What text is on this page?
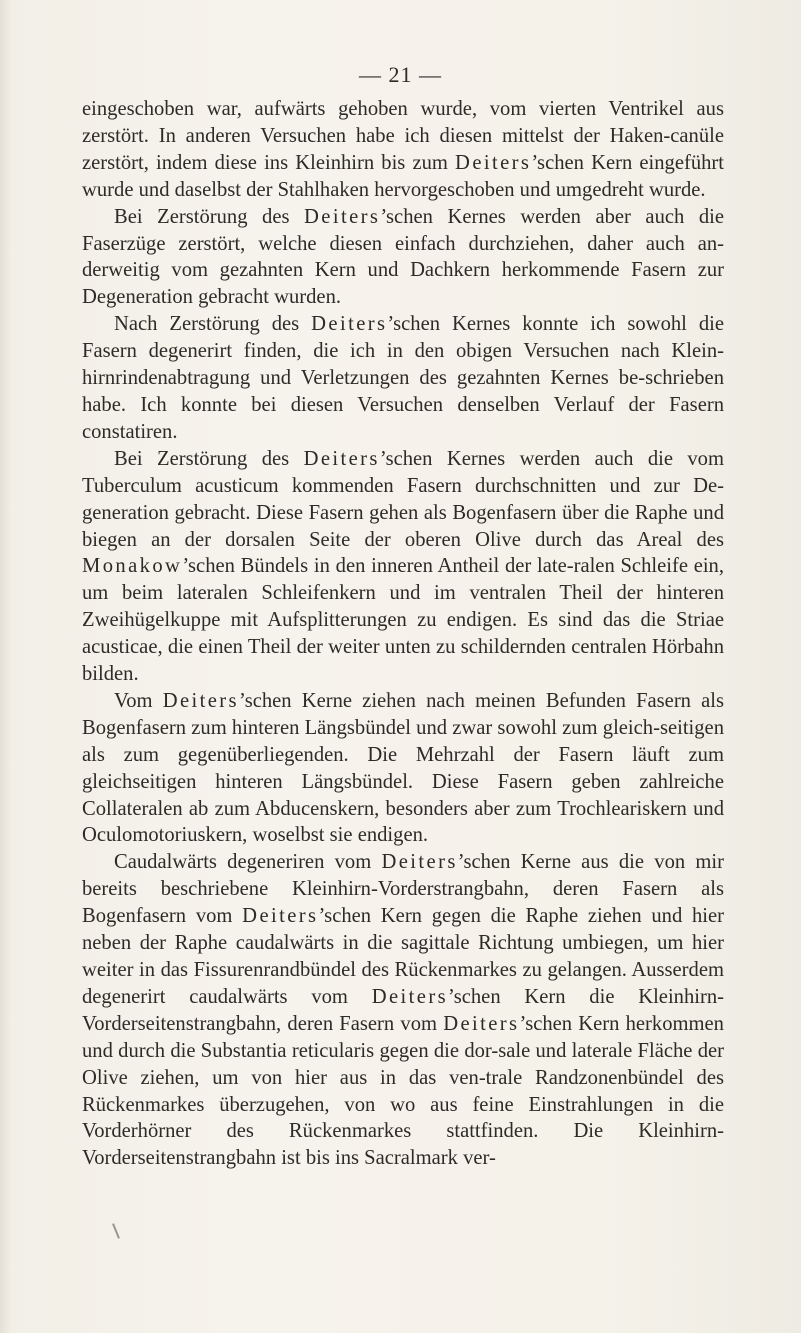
— 21 —

eingeschoben war, aufwärts gehoben wurde, vom vierten Ventrikel aus zerstört. In anderen Versuchen habe ich diesen mittelst der Haken-canüle zerstört, indem diese ins Kleinhirn bis zum Deiters’schen Kern eingeführt wurde und daselbst der Stahlhaken hervorgeschoben und umgedreht wurde.

Bei Zerstörung des Deiters’schen Kernes werden aber auch die Faserzüge zerstört, welche diesen einfach durchziehen, daher auch an-derweitig vom gezahnten Kern und Dachkern herkommende Fasern zur Degeneration gebracht wurden.

Nach Zerstörung des Deiters’schen Kernes konnte ich sowohl die Fasern degenerirt finden, die ich in den obigen Versuchen nach Klein-hirnrindenabtragung und Verletzungen des gezahnten Kernes be-schrieben habe. Ich konnte bei diesen Versuchen denselben Verlauf der Fasern constatiren.

Bei Zerstörung des Deiters’schen Kernes werden auch die vom Tuberculum acusticum kommenden Fasern durchschnitten und zur De-generation gebracht. Diese Fasern gehen als Bogenfasern über die Raphe und biegen an der dorsalen Seite der oberen Olive durch das Areal des Monakow’schen Bündels in den inneren Antheil der late-ralen Schleife ein, um beim lateralen Schleifenkern und im ventralen Theil der hinteren Zweihügelkuppe mit Aufsplitterungen zu endigen. Es sind das die Striae acusticae, die einen Theil der weiter unten zu schildernden centralen Hörbahn bilden.

Vom Deiters’schen Kerne ziehen nach meinen Befunden Fasern als Bogenfasern zum hinteren Längsbündel und zwar sowohl zum gleich-seitigen als zum gegenüberliegenden. Die Mehrzahl der Fasern läuft zum gleichseitigen hinteren Längsbündel. Diese Fasern geben zahlreiche Collateralen ab zum Abducenskern, besonders aber zum Trochleariskern und Oculomotoriuskern, woselbst sie endigen.

Caudalwärts degeneriren vom Deiters’schen Kerne aus die von mir bereits beschriebene Kleinhirn-Vorderstrangbahn, deren Fasern als Bogenfasern vom Deiters’schen Kern gegen die Raphe ziehen und hier neben der Raphe caudalwärts in die sagittale Richtung umbiegen, um hier weiter in das Fissurenrandbündel des Rückenmarkes zu gelangen. Ausserdem degenerirt caudalwärts vom Deiters’schen Kern die Kleinhirn-Vorderseitenstrangbahn, deren Fasern vom Deiters’schen Kern herkommen und durch die Substantia reticularis gegen die dor-sale und laterale Fläche der Olive ziehen, um von hier aus in das ven-trale Randzonenbündel des Rückenmarkes überzugehen, von wo aus feine Einstrahlungen in die Vorderhörner des Rückenmarkes stattfinden. Die Kleinhirn-Vorderseitenstrangbahn ist bis ins Sacralmark ver-
